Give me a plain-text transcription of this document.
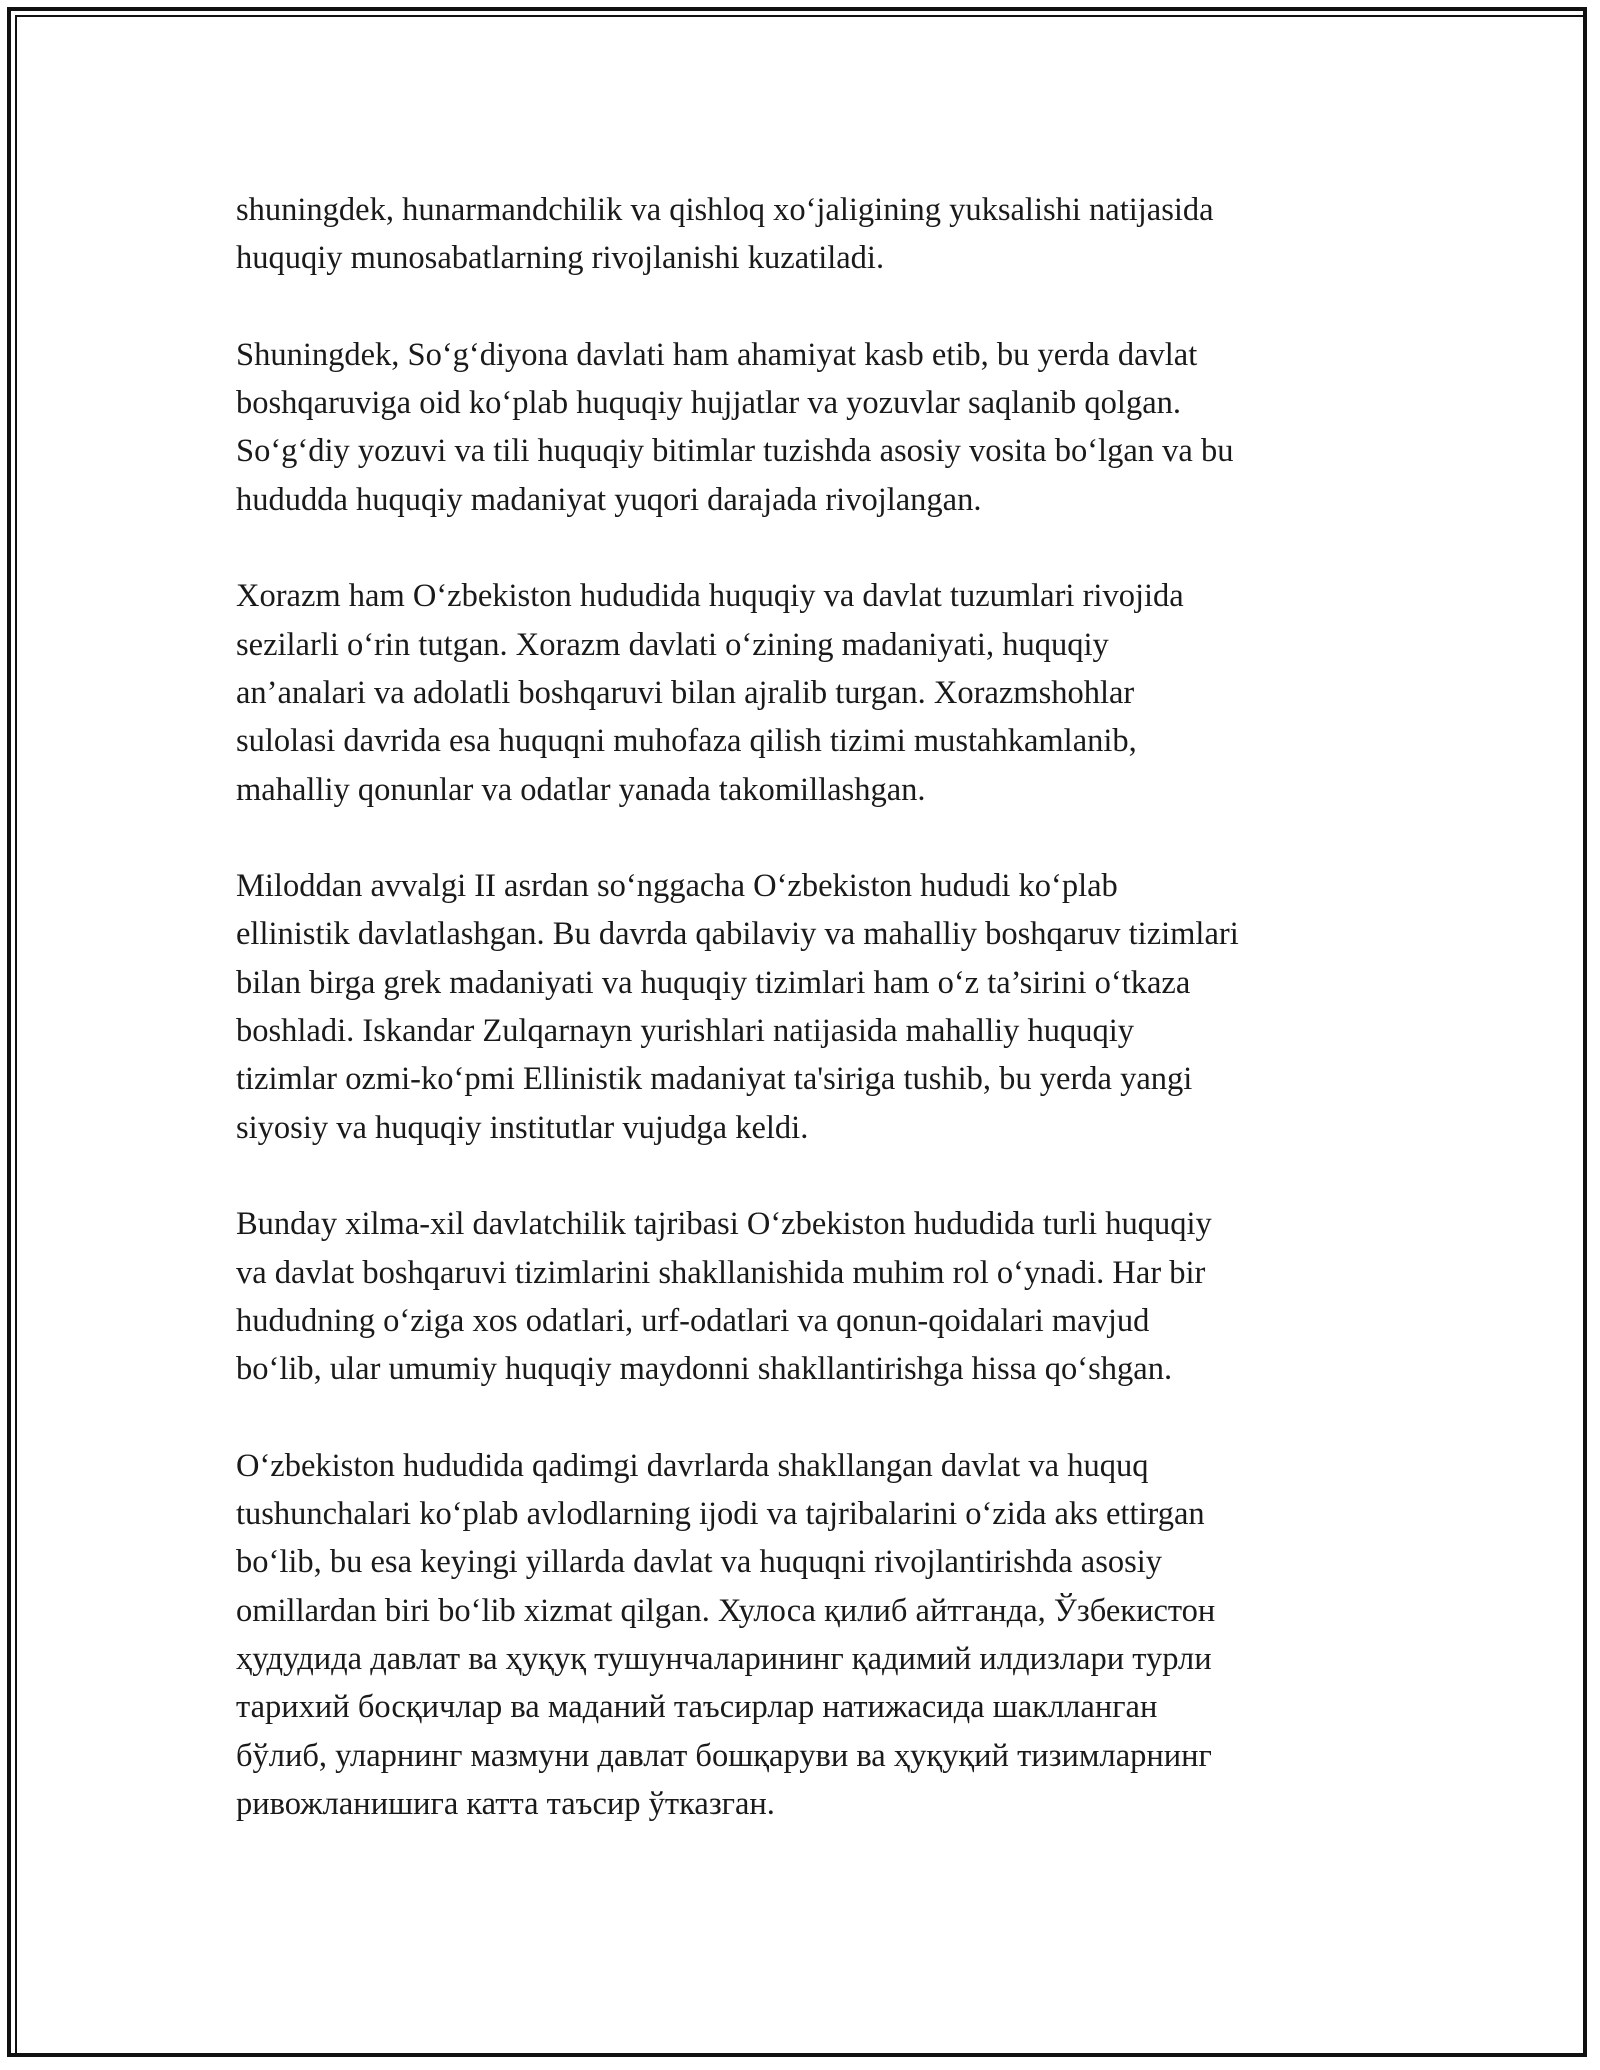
shuningdek, hunarmandchilik va qishloq xo‘jaligining yuksalishi natijasida
huquqiy munosabatlarning rivojlanishi kuzatiladi.

Shuningdek, So‘g‘diyona davlati ham ahamiyat kasb etib, bu yerda davlat
boshqaruviga oid ko‘plab huquqiy hujjatlar va yozuvlar saqlanib qolgan.
So‘g‘diy yozuvi va tili huquqiy bitimlar tuzishda asosiy vosita bo‘lgan va bu
hududda huquqiy madaniyat yuqori darajada rivojlangan.

Xorazm ham O‘zbekiston hududida huquqiy va davlat tuzumlari rivojida
sezilarli o‘rin tutgan. Xorazm davlati o‘zining madaniyati, huquqiy
an’analari va adolatli boshqaruvi bilan ajralib turgan. Xorazmshohlar
sulolasi davrida esa huquqni muhofaza qilish tizimi mustahkamlanib,
mahalliy qonunlar va odatlar yanada takomillashgan.

Miloddan avvalgi II asrdan so‘nggacha O‘zbekiston hududi ko‘plab
ellinistik davlatlashgan. Bu davrda qabilaviy va mahalliy boshqaruv tizimlari
bilan birga grek madaniyati va huquqiy tizimlari ham o‘z ta’sirini o‘tkaza
boshladi. Iskandar Zulqarnayn yurishlari natijasida mahalliy huquqiy
tizimlar ozmi-ko‘pmi Ellinistik madaniyat ta'siriga tushib, bu yerda yangi
siyosiy va huquqiy institutlar vujudga keldi.

Bunday xilma-xil davlatchilik tajribasi O‘zbekiston hududida turli huquqiy
va davlat boshqaruvi tizimlarini shakllanishida muhim rol o‘ynadi. Har bir
hududning o‘ziga xos odatlari, urf-odatlari va qonun-qoidalari mavjud
bo‘lib, ular umumiy huquqiy maydonni shakllantirishga hissa qo‘shgan.

O‘zbekiston hududida qadimgi davrlarda shakllangan davlat va huquq
tushunchalari ko‘plab avlodlarning ijodi va tajribalarini o‘zida aks ettirgan
bo‘lib, bu esa keyingi yillarda davlat va huquqni rivojlantirishda asosiy
omillardan biri bo‘lib xizmat qilgan. Хулоса қилиб айтганда, Ўзбекистон
ҳудудида давлат ва ҳуқуқ тушунчаларининг қадимий илдизлари турли
тарихий босқичлар ва маданий таъсирлар натижасида шаклланган
бўлиб, уларнинг мазмуни давлат бошқаруви ва ҳуқуқий тизимларнинг
ривожланишига катта таъсир ўтказган.
